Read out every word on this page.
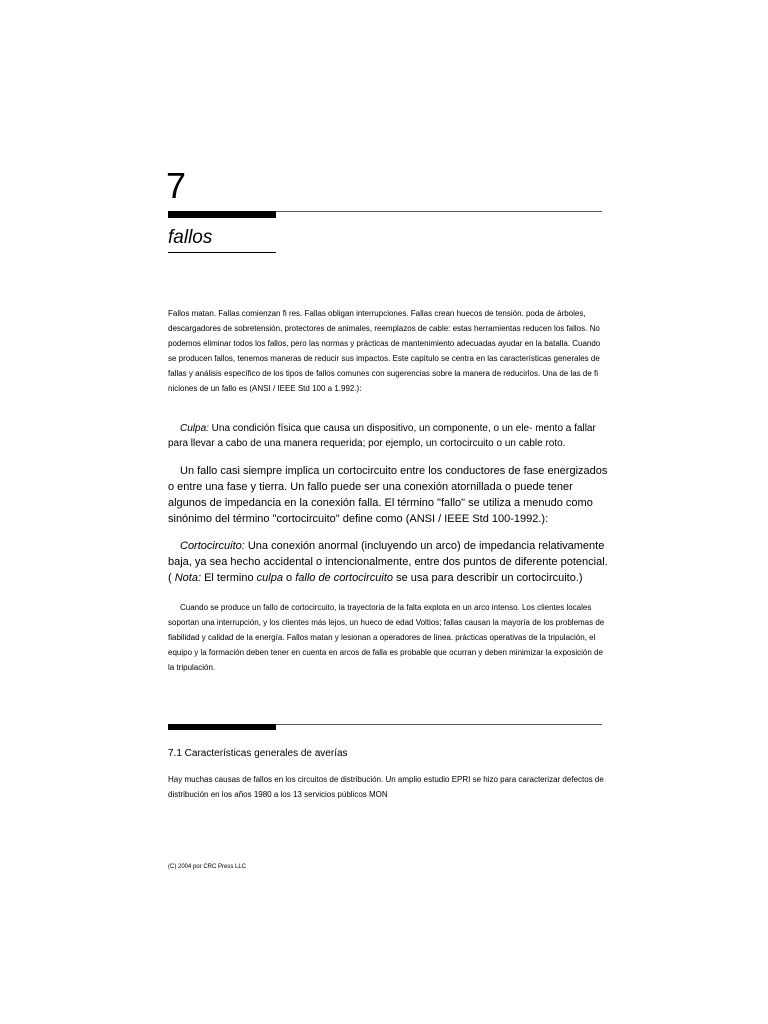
7
fallos

Fallos matan. Fallas comienzan fi res. Fallas obligan interrupciones. Fallas crean huecos de tensión. poda de árboles, descargadores de sobretensión, protectores de animales, reemplazos de cable: estas herramientas reducen los fallos. No podemos eliminar todos los fallos, pero las normas y prácticas de mantenimiento adecuadas ayudar en la batalla. Cuando se producen fallos, tenemos maneras de reducir sus impactos. Este capítulo se centra en las características generales de fallas y análisis específico de los tipos de fallos comunes con sugerencias sobre la manera de reducirlos. Una de las de fi niciones de un fallo es (ANSI / IEEE Std 100 a 1.992.):

Culpa: Una condición física que causa un dispositivo, un componente, o un ele- mento a fallar para llevar a cabo de una manera requerida; por ejemplo, un cortocircuito o un cable roto.

Un fallo casi siempre implica un cortocircuito entre los conductores de fase energizados o entre una fase y tierra. Un fallo puede ser una conexión atornillada o puede tener algunos de impedancia en la conexión falla. El término "fallo" se utiliza a menudo como sinónimo del término "cortocircuito" define como (ANSI / IEEE Std 100-1992.):

Cortocircuito: Una conexión anormal (incluyendo un arco) de impedancia relativamente baja, ya sea hecho accidental o intencionalmente, entre dos puntos de diferente potencial. ( Nota: El termino culpa o fallo de cortocircuito se usa para describir un cortocircuito.)

Cuando se produce un fallo de cortocircuito, la trayectoria de la falta explota en un arco intenso. Los clientes locales soportan una interrupción, y los clientes más lejos, un hueco de edad Voltios; fallas causan la mayoría de los problemas de fiabilidad y calidad de la energía. Fallos matan y lesionan a operadores de línea. prácticas operativas de la tripulación, el equipo y la formación deben tener en cuenta en arcos de falla es probable que ocurran y deben minimizar la exposición de la tripulación.

7.1 Características generales de averías

Hay muchas causas de fallos en los circuitos de distribución. Un amplio estudio EPRI se hizo para caracterizar defectos de distribución en los años 1980 a los 13 servicios públicos MON

(C) 2004 por CRC Press LLC
